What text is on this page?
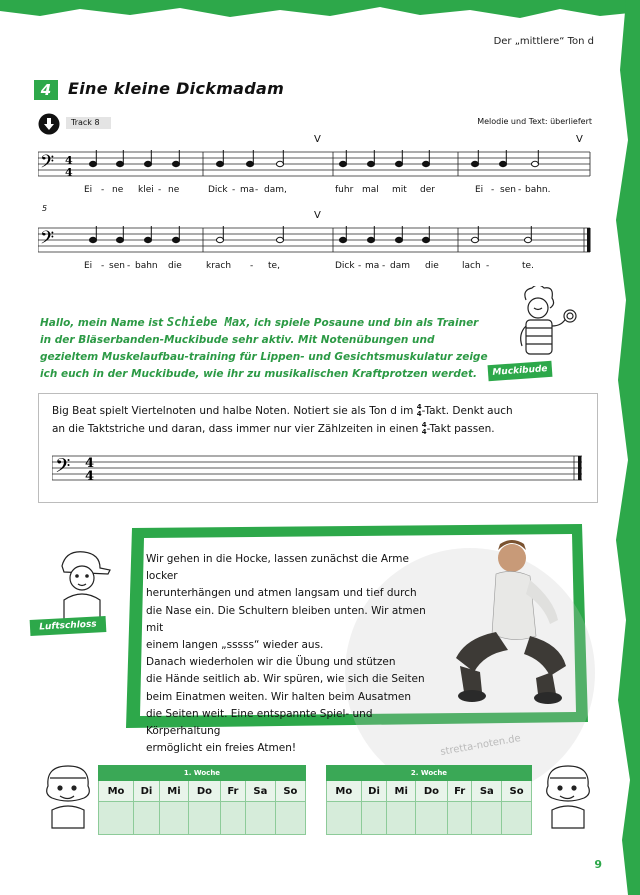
Der „mittlere“ Ton d
4	Eine kleine Dickmadam
Track 8	Melodie und Text: überliefert
𝄢 4
4
V	V
Ei - ne klei - ne	Dick - ma - dam,	fuhr mal mit der	Ei - sen - bahn.
5
V
𝄢
Ei - sen - bahn die	krach - te,	Dick - ma - dam die	lach -	te.
Hallo, mein Name ist Schiebe Max, ich spiele Posaune und bin als Trainer in der Bläserbanden-Muckibude sehr aktiv. Mit Notenübungen und gezieltem Muskelaufbau-training für Lippen- und Gesichtsmuskulatur zeige ich euch in der Muckibude, wie ihr zu musikalischen Kraftprotzen werdet.	Muckibude
Big Beat spielt Viertelnoten und halbe Noten. Notiert sie als Ton d im 4
4-Takt. Denkt auch
an die Taktstriche und daran, dass immer nur vier Zählzeiten in einen 4
4-Takt passen.
𝄢 4
4
stretta-noten.de
Wir gehen in die Hocke, lassen zunächst die Arme locker
herunterhängen und atmen langsam und tief durch
die Nase ein. Die Schultern bleiben unten. Wir atmen mit
einem langen „sssss“ wieder aus.
Danach wiederholen wir die Übung und stützen
die Hände seitlich ab. Wir spüren, wie sich die Seiten
beim Einatmen weiten. Wir halten beim Ausatmen
die Seiten weit. Eine entspannte Spiel- und Körperhaltung
ermöglicht ein freies Atmen!
Luftschloss
1. Woche						
Mo	Di	Mi	Do	Fr	Sa	So

2. Woche						
Mo	Di	Mi	Do	Fr	Sa	So

9
